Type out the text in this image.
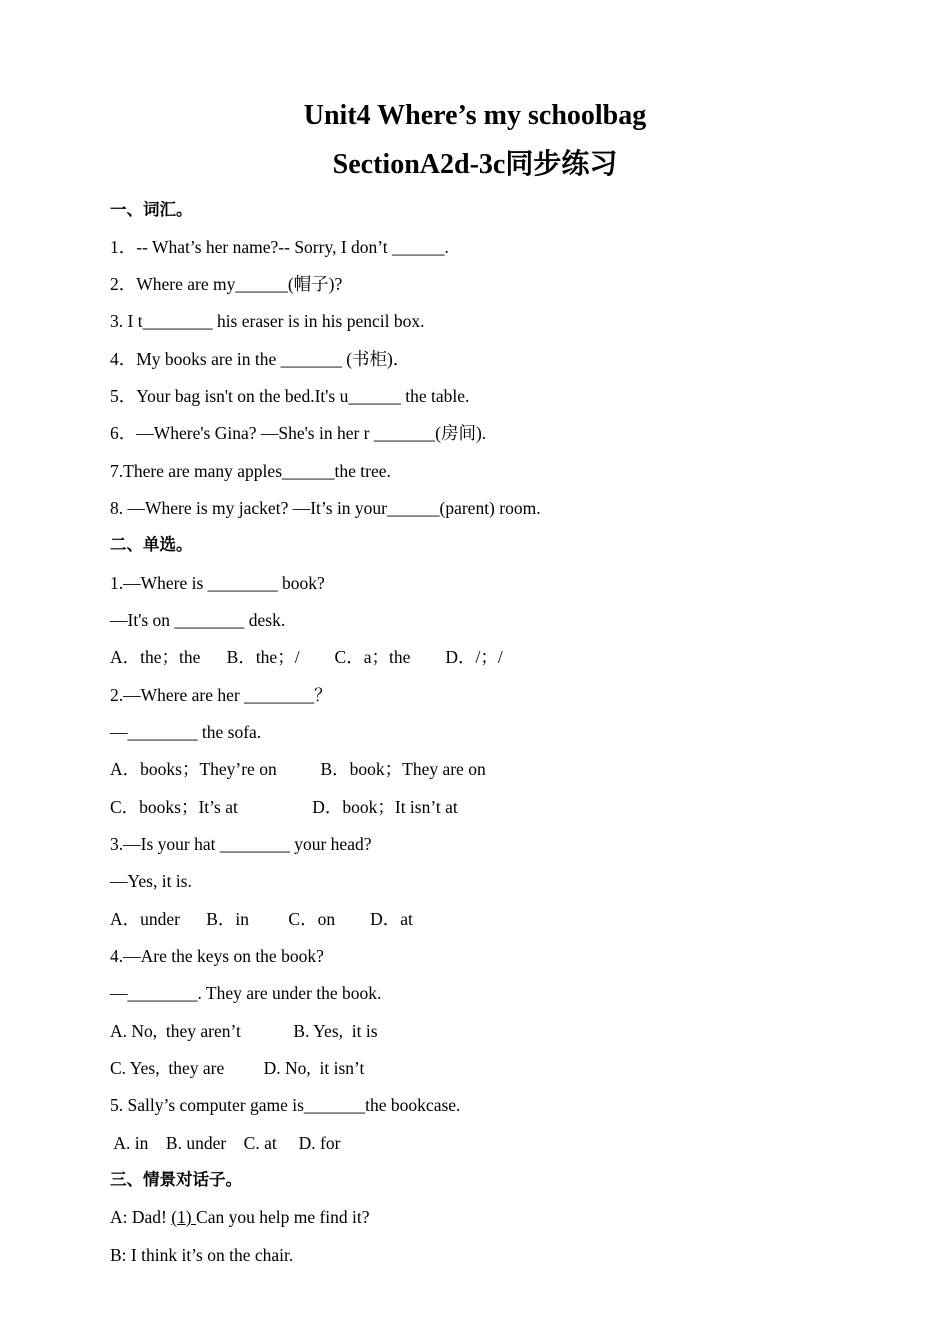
Unit4 Where’s my schoolbag
SectionA2d-3c同步练习
一、词汇。
1．-- What’s her name?-- Sorry, I don’t ______.
2．Where are my______(帽子)?
3. I t________ his eraser is in his pencil box.
4．My books are in the _______ (书柜)．
5．Your bag isn't on the bed.It's u______ the table.
6．—Where's Gina? —She's in her r _______(房间).
7.There are many apples______the tree.
8. —Where is my jacket? —It’s in your______(parent) room.
二、单选。
1.—Where is ________ book?
—It's on ________ desk.
A．the；the      B．the；/        C．a；the        D．/；/
2.—Where are her ________？
—________ the sofa.
A．books；They’re on          B．book；They are on
C．books；It’s at                 D．book；It isn’t at
3.—Is your hat ________ your head?
—Yes, it is.
A．under      B．in         C．on        D．at
4.—Are the keys on the book?
—________. They are under the book.
A. No,  they aren’t            B. Yes,  it is
C. Yes,  they are         D. No,  it isn’t
5. Sally’s computer game is_______the bookcase.
A. in    B. under    C. at     D. for
三、情景对话子。
A: Dad! (1) Can you help me find it?
B: I think it’s on the chair.
